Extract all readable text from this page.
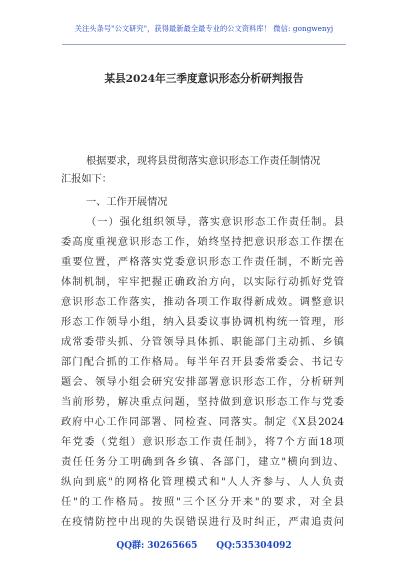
关注头条号"公文研究"，获得最新最全最专业的公文资料库！ 微信: gongwenyj
某县2024年三季度意识形态分析研判报告
根据要求，现将县贯彻落实意识形态工作责任制情况
汇报如下：
一、工作开展情况
（一）强化组织领导，落实意识形态工作责任制。县
委高度重视意识形态工作，始终坚持把意识形态工作摆在
重要位置，严格落实党委意识形态工作责任制，不断完善
体制机制，牢牢把握正确政治方向，以实际行动抓好党管
意识形态工作落实，推动各项工作取得新成效。调整意识
形态工作领导小组，纳入县委议事协调机构统一管理，形
成常委带头抓、分管领导具体抓、职能部门主动抓、乡镇
部门配合抓的工作格局。每半年召开县委常委会、书记专
题会、领导小组会研究安排部署意识形态工作，分析研判
当前形势，解决重点问题，坚持做到意识形态工作与党委
政府中心工作同部署、同检查、同落实。制定《X县2024
年党委（党组）意识形态工作责任制》，将7个方面18项
责任任务分工明确到各乡镇、各部门，建立"横向到边、
纵向到底"的网格化管理模式和"人人齐参与、人人负责
任"的工作格局。按照"三个区分开来"的要求，对全县
在疫情防控中出现的失误错误进行及时纠正，严肃追责问
QQ群: 30265665 QQ:535304092
